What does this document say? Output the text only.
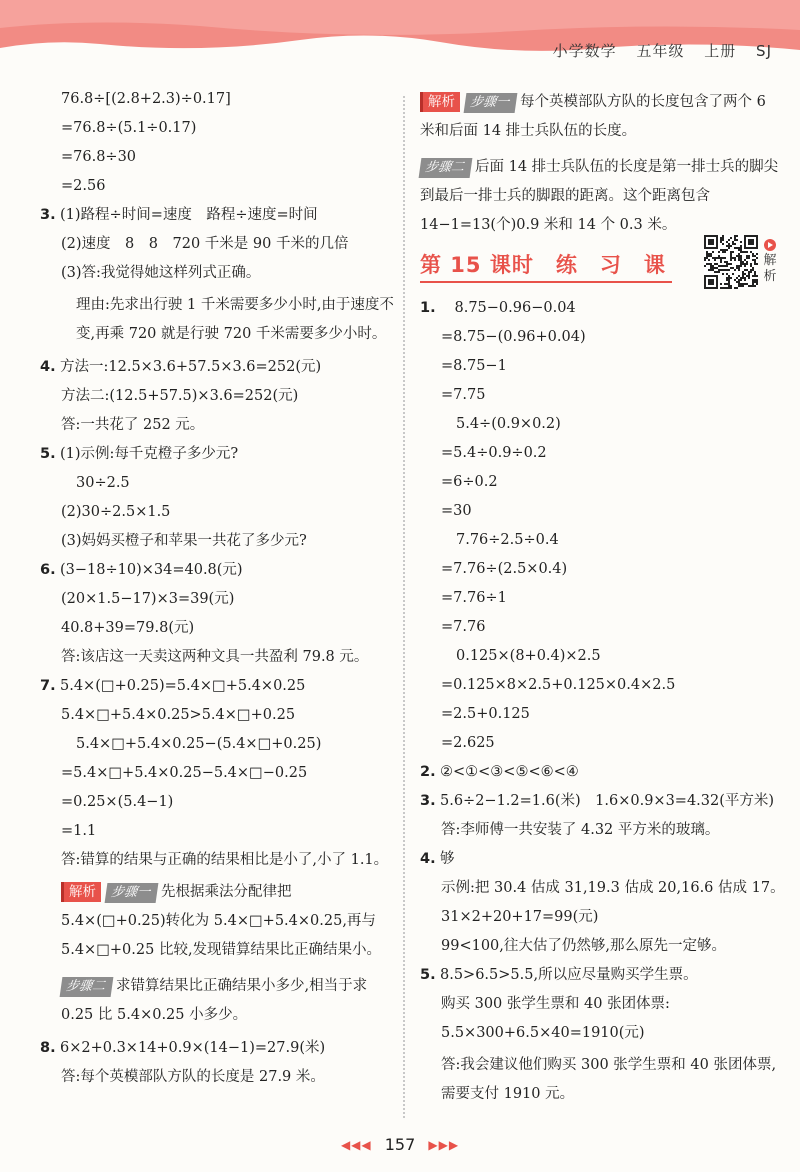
小学数学 五年级 上册 SJ
76.8÷[(2.8+2.3)÷0.17]
=76.8÷(5.1÷0.17)
=76.8÷30
=2.56
3. (1)路程÷时间=速度　路程÷速度=时间
(2)速度　8　8　720 千米是 90 千米的几倍
(3)答:我觉得她这样列式正确。
理由:先求出行驶 1 千米需要多少小时,由于速度不变,再乘 720 就是行驶 720 千米需要多少小时。
4. 方法一:12.5×3.6+57.5×3.6=252(元)
方法二:(12.5+57.5)×3.6=252(元)
答:一共花了 252 元。
5. (1)示例:每千克橙子多少元?
30÷2.5
(2)30÷2.5×1.5
(3)妈妈买橙子和苹果一共花了多少元?
6. (3−18÷10)×34=40.8(元)
(20×1.5−17)×3=39(元)
40.8+39=79.8(元)
答:该店这一天卖这两种文具一共盈利 79.8 元。
7. 5.4×(□+0.25)=5.4×□+5.4×0.25
5.4×□+5.4×0.25>5.4×□+0.25
5.4×□+5.4×0.25−(5.4×□+0.25)
=5.4×□+5.4×0.25−5.4×□−0.25
=0.25×(5.4−1)
=1.1
答:错算的结果与正确的结果相比是小了,小了 1.1。
解析 步骤一 先根据乘法分配律把 5.4×(□+0.25)转化为 5.4×□+5.4×0.25,再与 5.4×□+0.25 比较,发现错算结果比正确结果小。
步骤二 求错算结果比正确结果小多少,相当于求 0.25 比 5.4×0.25 小多少。
8. 6×2+0.3×14+0.9×(14−1)=27.9(米)
答:每个英模部队方队的长度是 27.9 米。
解析 步骤一 每个英模部队方队的长度包含了两个 6 米和后面 14 排士兵队伍的长度。
步骤二 后面 14 排士兵队伍的长度是第一排士兵的脚尖到最后一排士兵的脚跟的距离。这个距离包含 14−1=13(个)0.9 米和 14 个 0.3 米。
第 15 课时　练　习　课	解
析
1.　8.75−0.96−0.04
=8.75−(0.96+0.04)
=8.75−1
=7.75
5.4÷(0.9×0.2)
=5.4÷0.9÷0.2
=6÷0.2
=30
7.76÷2.5÷0.4
=7.76÷(2.5×0.4)
=7.76÷1
=7.76
0.125×(8+0.4)×2.5
=0.125×8×2.5+0.125×0.4×2.5
=2.5+0.125
=2.625
2. ②<①<③<⑤<⑥<④
3. 5.6÷2−1.2=1.6(米)　1.6×0.9×3=4.32(平方米)
答:李师傅一共安装了 4.32 平方米的玻璃。
4. 够
示例:把 30.4 估成 31,19.3 估成 20,16.6 估成 17。
31×2+20+17=99(元)
99<100,往大估了仍然够,那么原先一定够。
5. 8.5>6.5>5.5,所以应尽量购买学生票。
购买 300 张学生票和 40 张团体票:
5.5×300+6.5×40=1910(元)
答:我会建议他们购买 300 张学生票和 40 张团体票,需要支付 1910 元。
◀◀◀ 157 ▶▶▶
